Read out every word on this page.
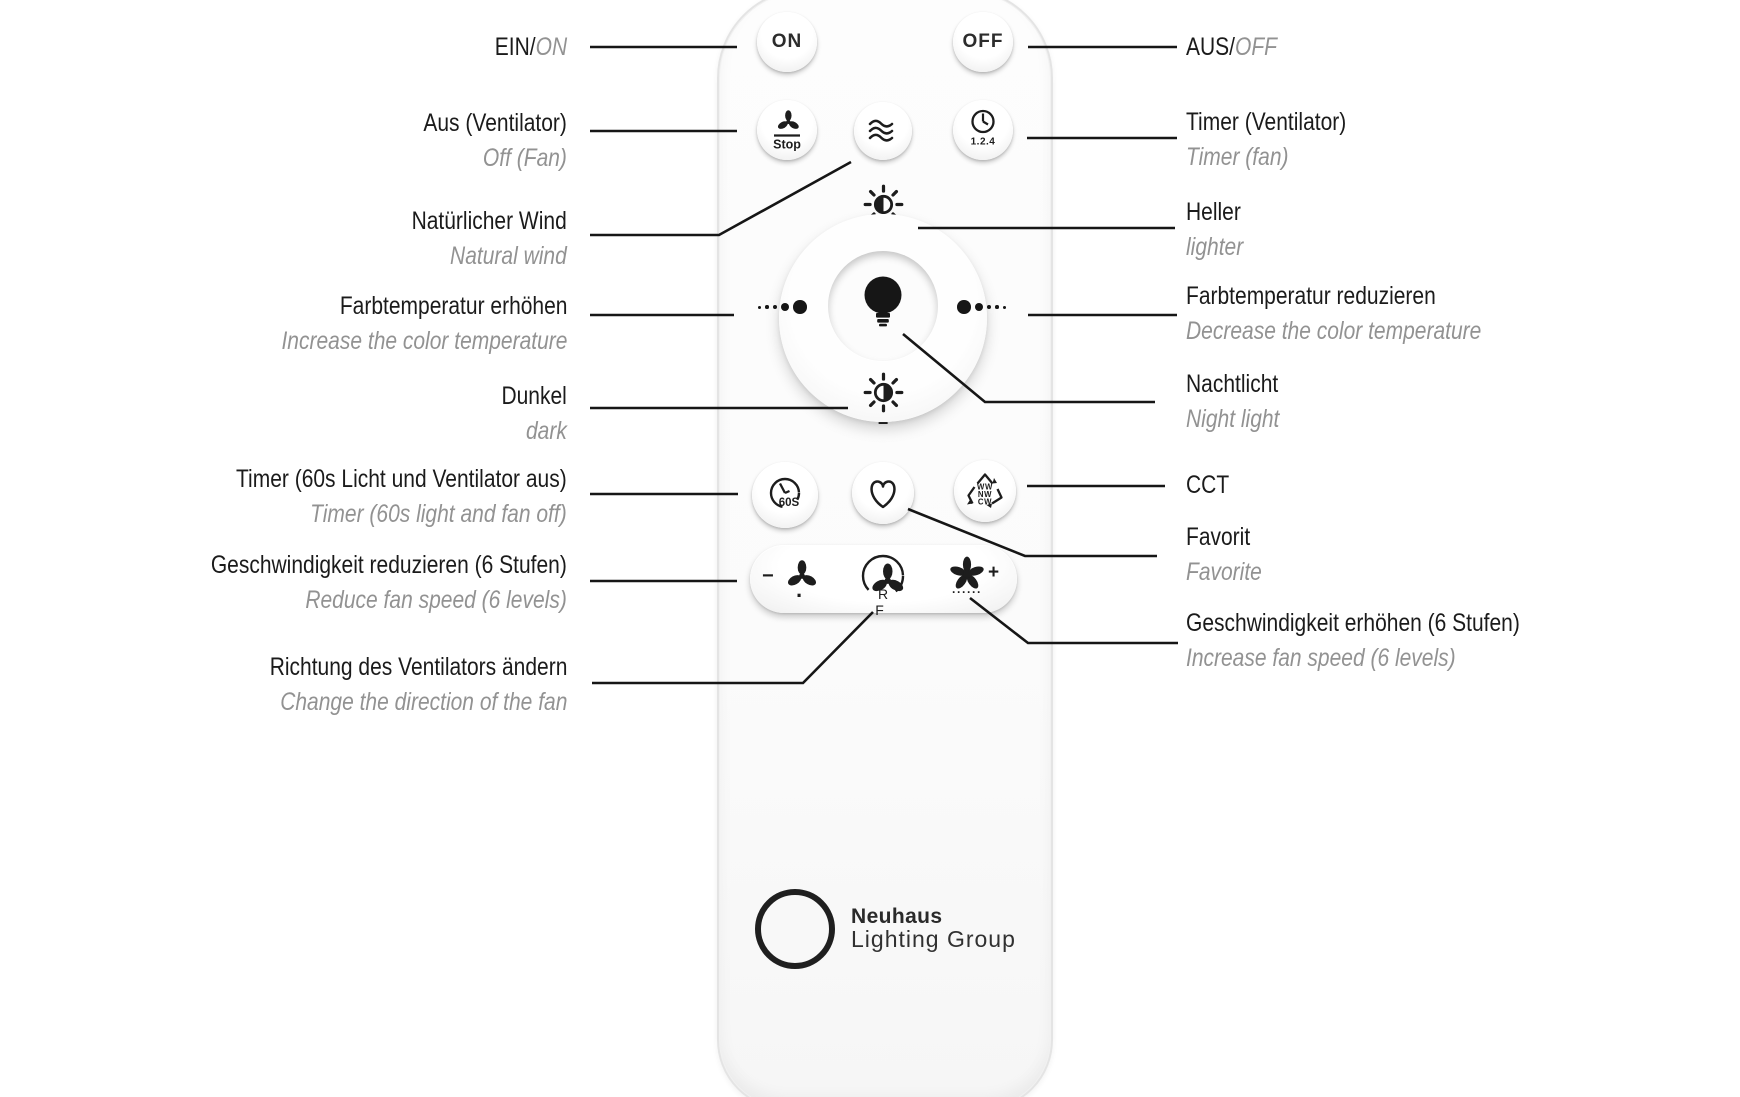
ON	OFF
Stop	1.2.4
−
60S
WW
NW
CW
−
·	R F
······
+
Neuhaus
Lighting Group
EIN/ON
Aus (Ventilator)
Off (Fan)
Natürlicher Wind
Natural wind
Farbtemperatur erhöhen
Increase the color temperature
Dunkel
dark
Timer (60s Licht und Ventilator aus)
Timer (60s light and fan off)
Geschwindigkeit reduzieren (6 Stufen)
Reduce fan speed (6 levels)
Richtung des Ventilators ändern
Change the direction of the fan
AUS/OFF
Timer (Ventilator)
Timer (fan)
Heller
lighter
Farbtemperatur reduzieren
Decrease the color temperature
Nachtlicht
Night light
CCT
Favorit
Favorite
Geschwindigkeit erhöhen (6 Stufen)
Increase fan speed (6 levels)
